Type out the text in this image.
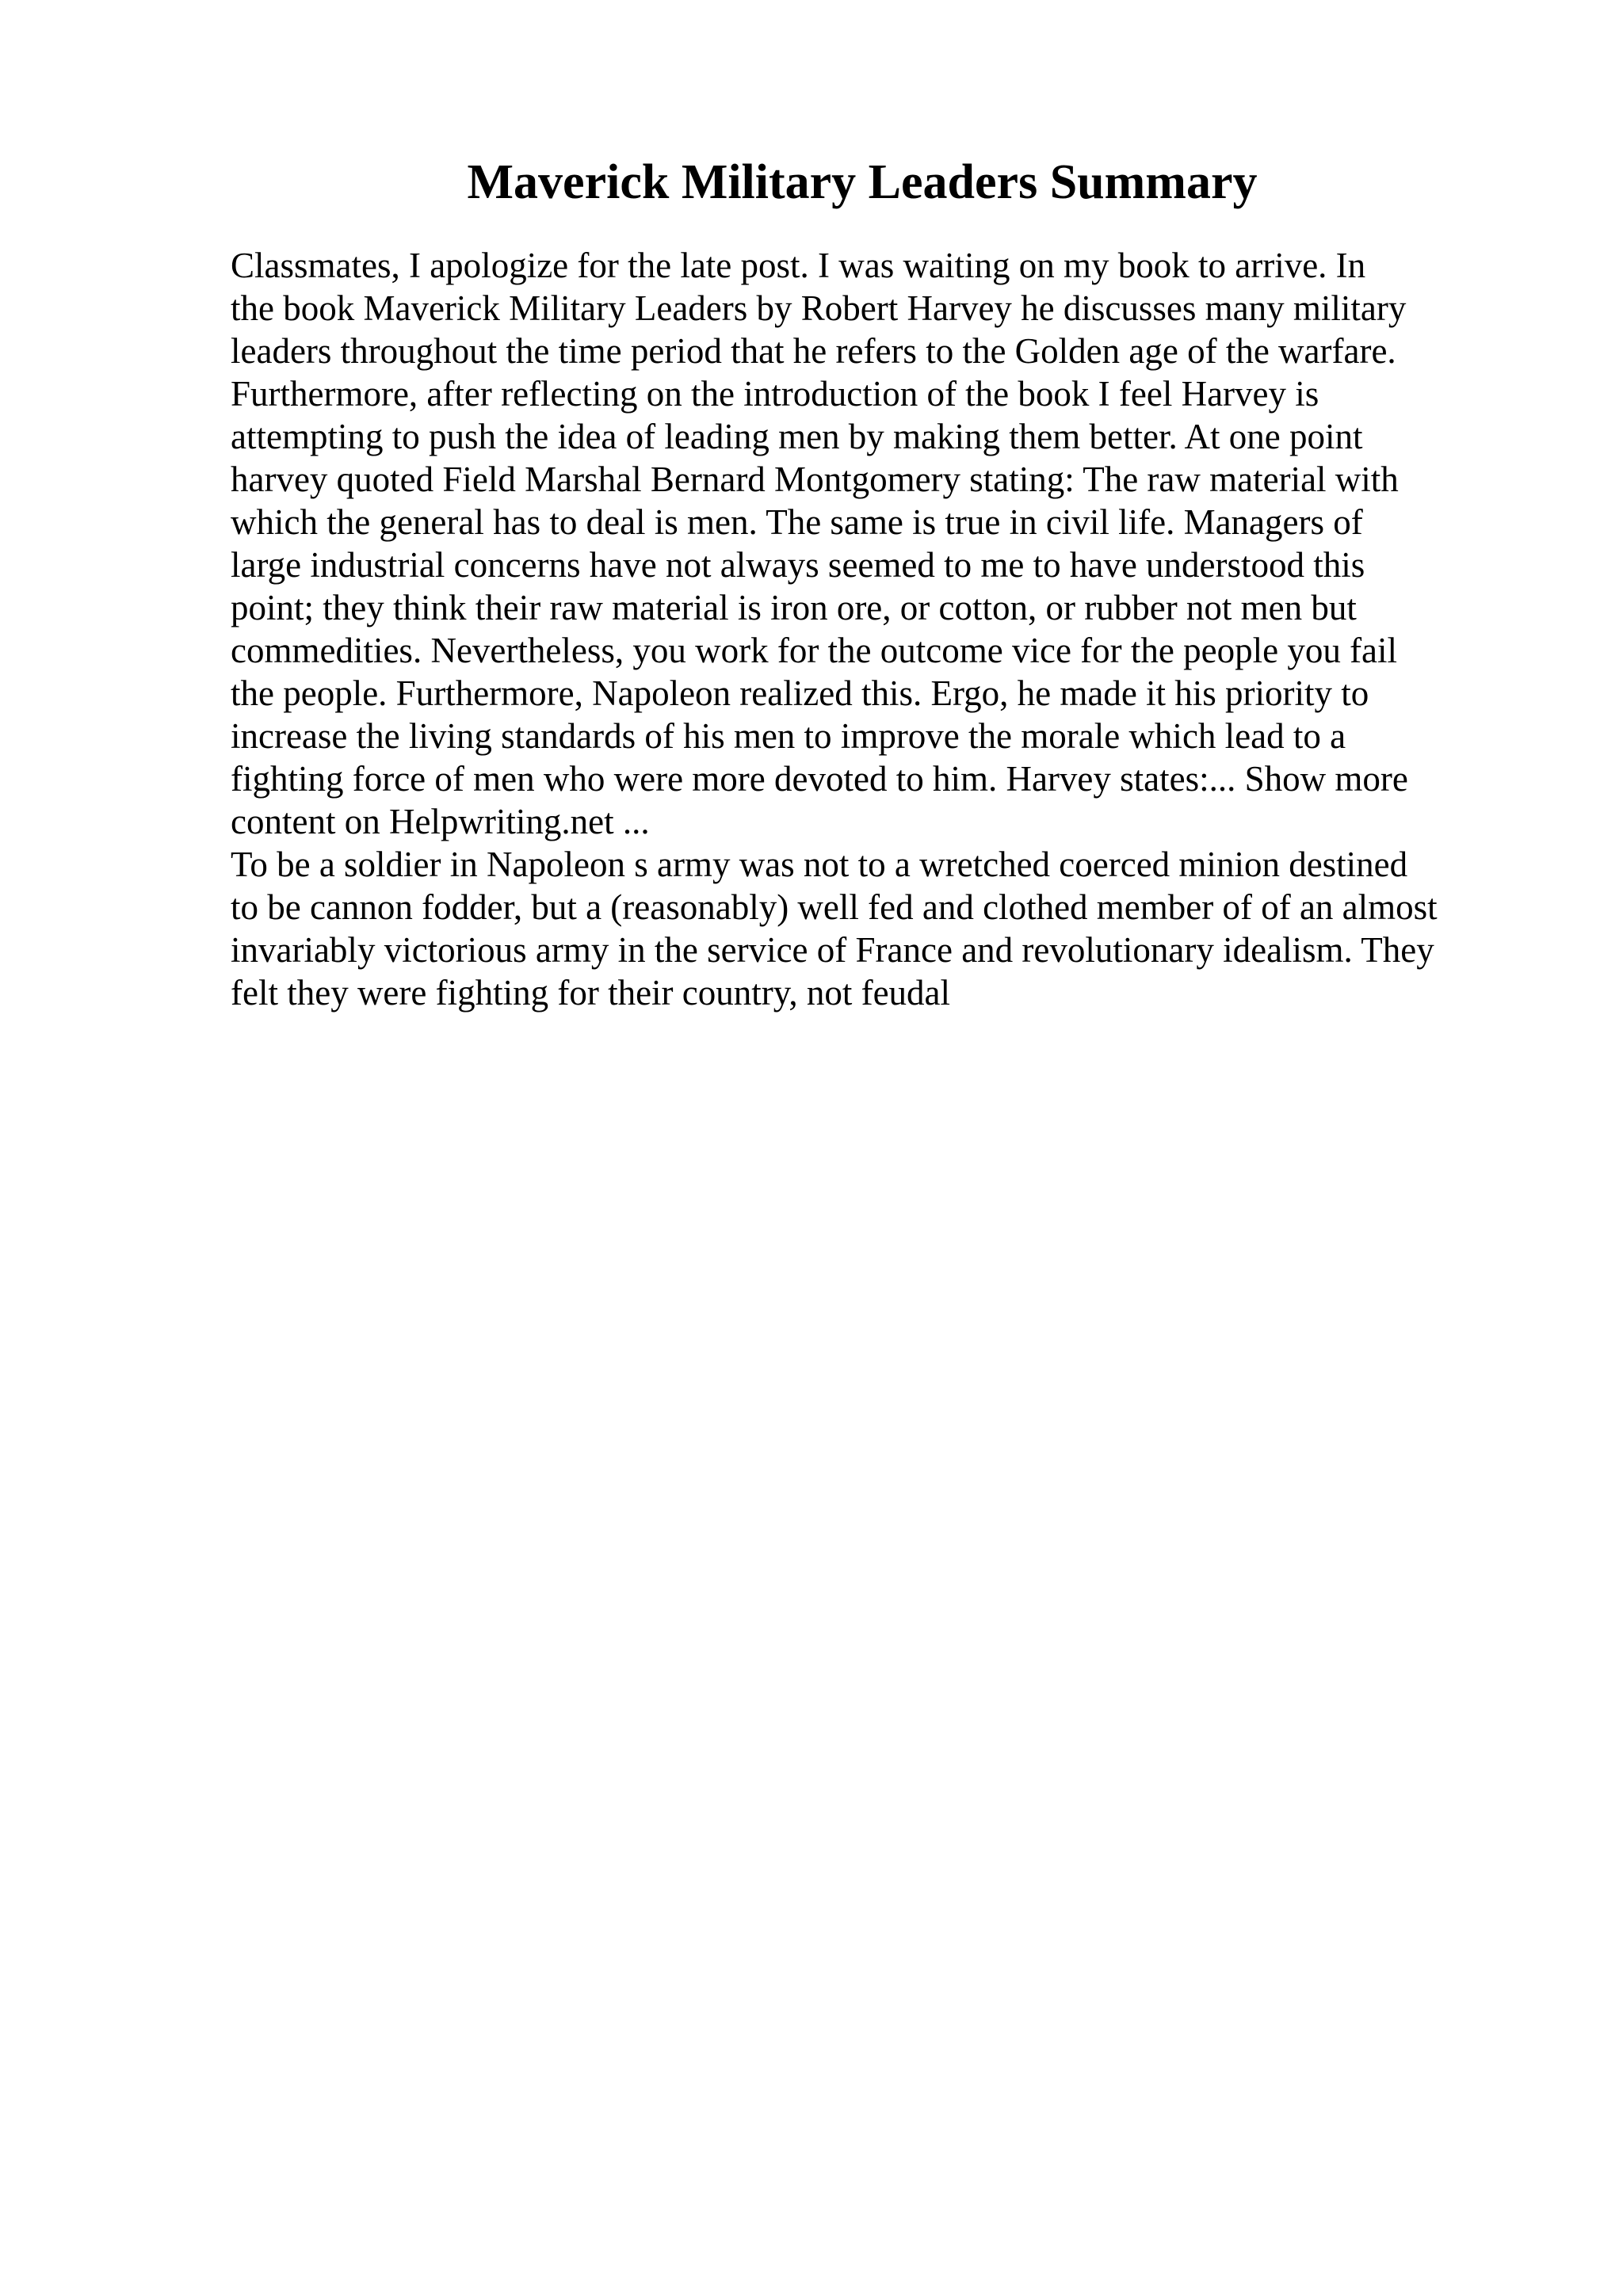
Maverick Military Leaders Summary
Classmates, I apologize for the late post. I was waiting on my book to arrive. In
the book Maverick Military Leaders by Robert Harvey he discusses many military
leaders throughout the time period that he refers to the Golden age of the warfare.
Furthermore, after reflecting on the introduction of the book I feel Harvey is
attempting to push the idea of leading men by making them better. At one point
harvey quoted Field Marshal Bernard Montgomery stating: The raw material with
which the general has to deal is men. The same is true in civil life. Managers of
large industrial concerns have not always seemed to me to have understood this
point; they think their raw material is iron ore, or cotton, or rubber not men but
commedities. Nevertheless, you work for the outcome vice for the people you fail
the people. Furthermore, Napoleon realized this. Ergo, he made it his priority to
increase the living standards of his men to improve the morale which lead to a
fighting force of men who were more devoted to him. Harvey states:... Show more
content on Helpwriting.net ...
To be a soldier in Napoleon s army was not to a wretched coerced minion destined
to be cannon fodder, but a (reasonably) well fed and clothed member of of an almost
invariably victorious army in the service of France and revolutionary idealism. They
felt they were fighting for their country, not feudal
